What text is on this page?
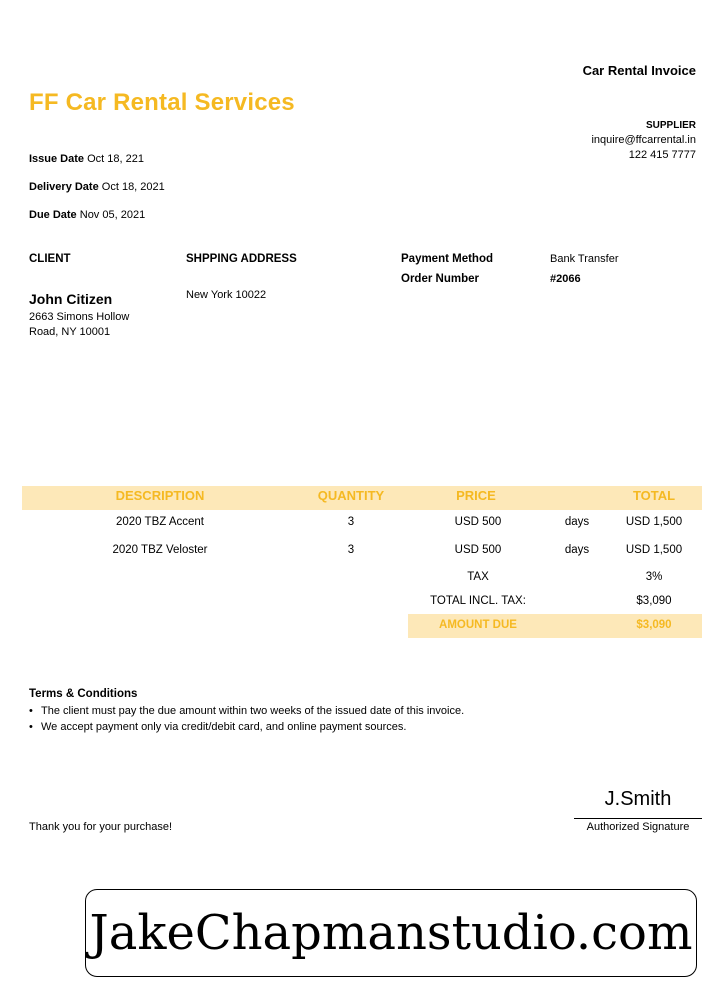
Car Rental Invoice
FF Car Rental Services
SUPPLIER
inquire@ffcarrental.in
122 415 7777
Issue Date Oct 18, 221
Delivery Date Oct 18, 2021
Due Date Nov 05, 2021
CLIENT	SHPPING ADDRESS	Payment Method	Bank Transfer
Order Number	#2066
John Citizen
2663 Simons Hollow Road, NY 10001
New York 10022
DESCRIPTION	QUANTITY	PRICE	TOTAL
2020 TBZ Accent	3	USD 500	days	USD 1,500
2020 TBZ Veloster	3	USD 500	days	USD 1,500
TAX	3%
TOTAL INCL. TAX:	$3,090
AMOUNT DUE	$3,090
Terms & Conditions
• The client must pay the due amount within two weeks of the issued date of this invoice.
• We accept payment only via credit/debit card, and online payment sources.
Thank you for your purchase!
J.Smith
Authorized Signature
JakeChapmanstudio.com
